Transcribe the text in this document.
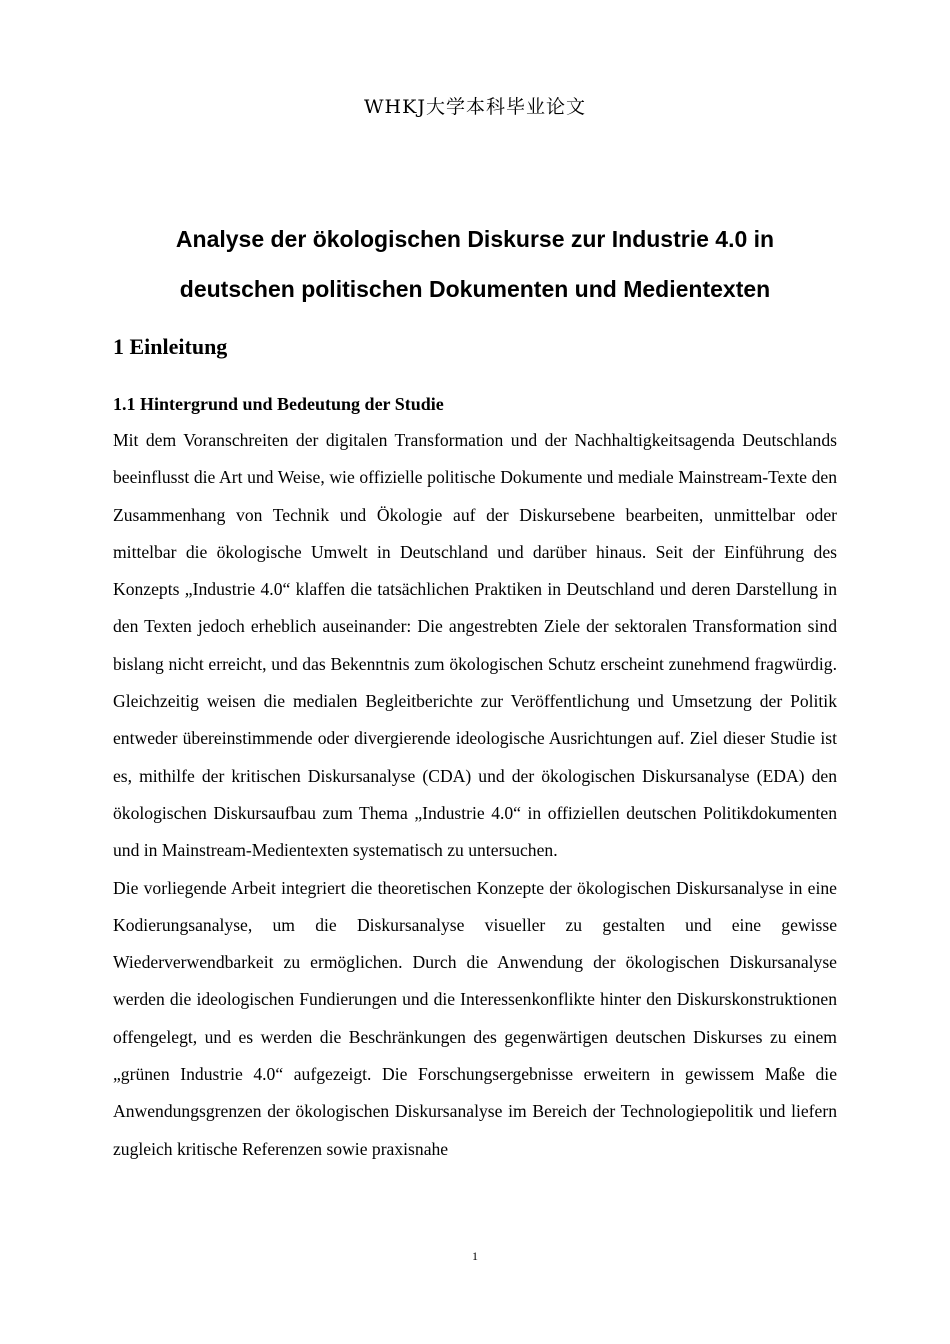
WHKJ大学本科毕业论文
Analyse der ökologischen Diskurse zur Industrie 4.0 in
deutschen politischen Dokumenten und Medientexten
1 Einleitung
1.1 Hintergrund und Bedeutung der Studie

Mit dem Voranschreiten der digitalen Transformation und der Nachhaltigkeitsagenda Deutschlands beeinflusst die Art und Weise, wie offizielle politische Dokumente und mediale Mainstream-Texte den Zusammenhang von Technik und Ökologie auf der Diskursebene bearbeiten, unmittelbar oder mittelbar die ökologische Umwelt in Deutschland und darüber hinaus. Seit der Einführung des Konzepts „Industrie 4.0“ klaffen die tatsächlichen Praktiken in Deutschland und deren Darstellung in den Texten jedoch erheblich auseinander: Die angestrebten Ziele der sektoralen Transformation sind bislang nicht erreicht, und das Bekenntnis zum ökologischen Schutz erscheint zunehmend fragwürdig. Gleichzeitig weisen die medialen Begleitberichte zur Veröffentlichung und Umsetzung der Politik entweder übereinstimmende oder divergierende ideologische Ausrichtungen auf. Ziel dieser Studie ist es, mithilfe der kritischen Diskursanalyse (CDA) und der ökologischen Diskursanalyse (EDA) den ökologischen Diskursaufbau zum Thema „Industrie 4.0“ in offiziellen deutschen Politikdokumenten und in Mainstream-Medientexten systematisch zu untersuchen.

Die vorliegende Arbeit integriert die theoretischen Konzepte der ökologischen Diskursanalyse in eine Kodierungsanalyse, um die Diskursanalyse visueller zu gestalten und eine gewisse Wiederverwendbarkeit zu ermöglichen. Durch die Anwendung der ökologischen Diskursanalyse werden die ideologischen Fundierungen und die Interessenkonflikte hinter den Diskurskonstruktionen offengelegt, und es werden die Beschränkungen des gegenwärtigen deutschen Diskurses zu einem „grünen Industrie 4.0“ aufgezeigt. Die Forschungsergebnisse erweitern in gewissem Maße die Anwendungsgrenzen der ökologischen Diskursanalyse im Bereich der Technologiepolitik und liefern zugleich kritische Referenzen sowie praxisnahe

1
